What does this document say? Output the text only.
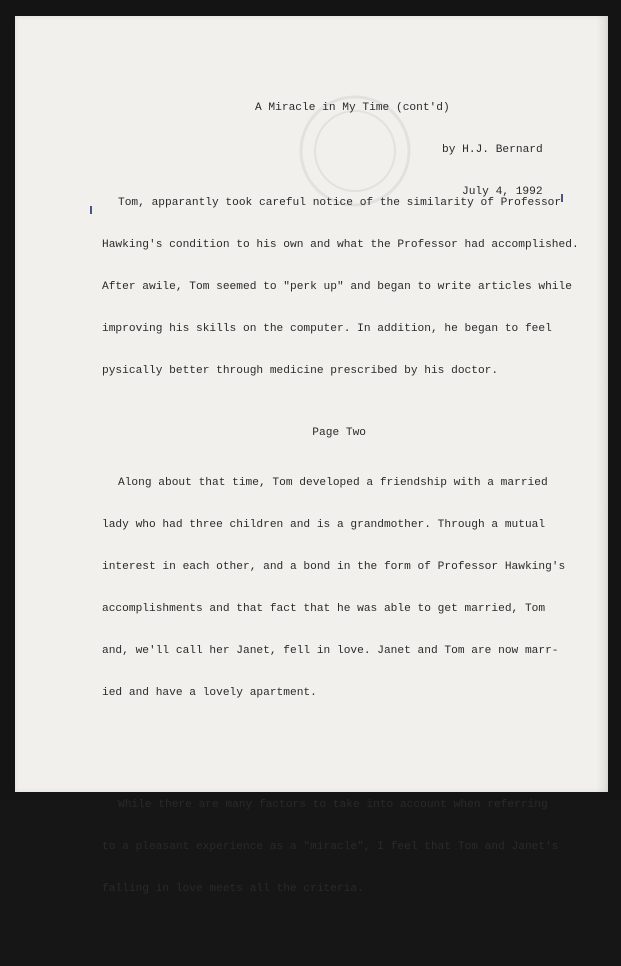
A Miracle in My Time (cont'd)

by H.J. Bernard

July 4, 1992

Tom, apparantly took careful notice of the similarity of Professor

Hawking's condition to his own and what the Professor had accomplished.

After awile, Tom seemed to "perk up" and began to write articles while

improving his skills on the computer. In addition, he began to feel

pysically better through medicine prescribed by his doctor.

Along about that time, Tom developed a friendship with a married

lady who had three children and is a grandmother. Through a mutual

interest in each other, and a bond in the form of Professor Hawking's

accomplishments and that fact that he was able to get married, Tom

and, we'll call her Janet, fell in love. Janet and Tom are now marr-

ied and have a lovely apartment.

While there are many factors to take into account when referring

to a pleasant experience as a "miracle", I feel that Tom and Janet's

falling in love meets all the criteria.

Page Two
